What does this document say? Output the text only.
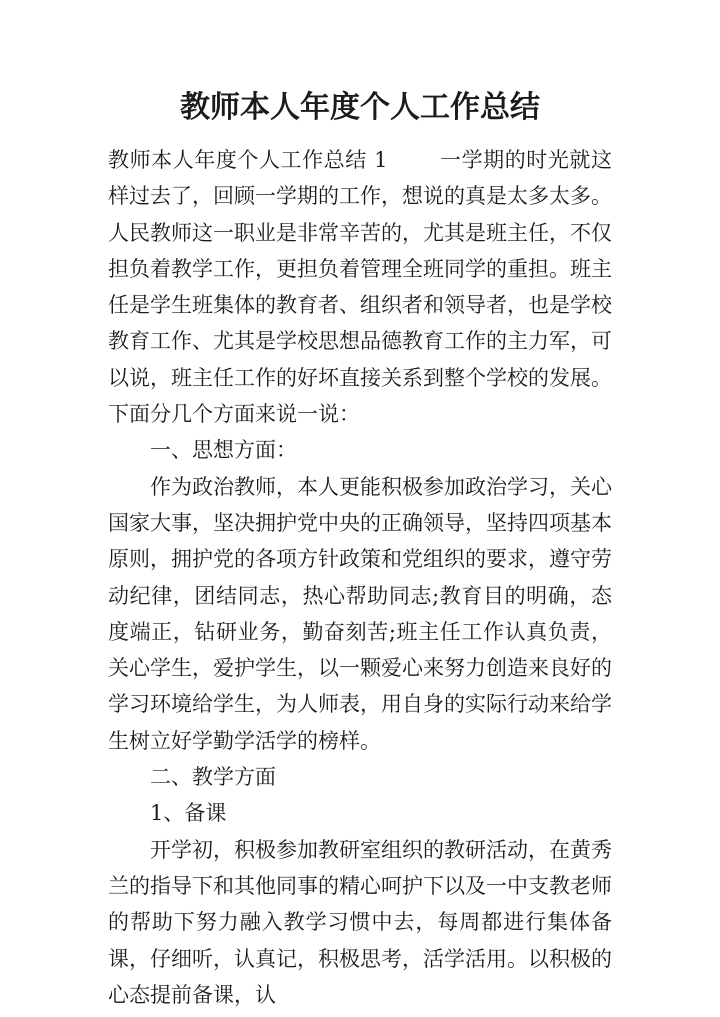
教师本人年度个人工作总结

教师本人年度个人工作总结 1 一学期的时光就这样过去了，回顾一学期的工作，想说的真是太多太多。人民教师这一职业是非常辛苦的，尤其是班主任，不仅担负着教学工作，更担负着管理全班同学的重担。班主任是学生班集体的教育者、组织者和领导者，也是学校教育工作、尤其是学校思想品德教育工作的主力军，可以说，班主任工作的好坏直接关系到整个学校的发展。下面分几个方面来说一说：

一、思想方面：

作为政治教师，本人更能积极参加政治学习，关心国家大事，坚决拥护党中央的正确领导，坚持四项基本原则，拥护党的各项方针政策和党组织的要求，遵守劳动纪律，团结同志，热心帮助同志;教育目的明确，态度端正，钻研业务，勤奋刻苦;班主任工作认真负责，关心学生，爱护学生，以一颗爱心来努力创造来良好的学习环境给学生，为人师表，用自身的实际行动来给学生树立好学勤学活学的榜样。

二、教学方面

1、备课

开学初，积极参加教研室组织的教研活动，在黄秀兰的指导下和其他同事的精心呵护下以及一中支教老师的帮助下努力融入教学习惯中去，每周都进行集体备课，仔细听，认真记，积极思考，活学活用。以积极的心态提前备课，认
